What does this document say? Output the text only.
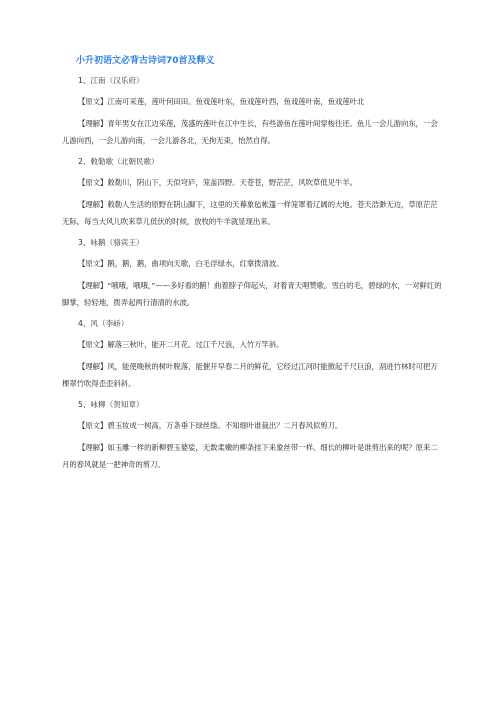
小升初语文必背古诗词70首及释义
1、江南（汉乐府）
【原文】江南可采莲，莲叶何田田。鱼戏莲叶东，鱼戏莲叶西，鱼戏莲叶南，鱼戏莲叶北
【理解】青年男女在江边采莲，茂盛的莲叶在江中生长，有些游鱼在莲叶间穿梭往还。鱼儿一会儿游向东，一会儿游向西，一会儿游向南，一会儿游各北，无拘无束，怡然自得。
2、敕勒歌（北朝民歌）
【原文】敕勒川，阴山下，天似穹庐，笼盖四野。天苍苍，野茫茫，风吹草低见牛羊。
【理解】敕勒人生活的原野在阴山脚下，这里的天幕象毡帐篷一样笼罩着辽阔的大地。苍天浩渺无边，草原茫茫无际，每当大风儿吹来草儿低伏的时候，放牧的牛羊就显现出来。
3、咏鹅（骆宾王）
【原文】鹅，鹅，鹅，曲项向天歌，白毛浮绿水，红掌拨清波。
【理解】“哦哦，哦哦，”——多好看的鹅！曲着脖子仰起头，对着青天唱赞歌。雪白的毛，碧绿的水，一对鲜红的脚掌，轻轻地，拨弄起两行清清的水波。
4、风（李峤）
【原文】解落三秋叶，能开二月花。过江千尺浪，入竹万竿斜。
【理解】风，能使晚秋的树叶脱落，能催开早春二月的鲜花，它经过江河时能掀起千尺巨浪，刮进竹林时可把万棵翠竹吹得歪歪斜斜。
5、咏柳（贺知章）
【原文】碧玉妆成一树高，万条垂下绿丝绦。不知细叶谁裁出？二月春风似剪刀。
【理解】如玉雕一样的新柳碧玉婆娑，无数柔嫩的柳条挂下来象丝带一样。细长的柳叶是谁剪出来的呢？原来二月的春风就是一把神奇的剪刀。
